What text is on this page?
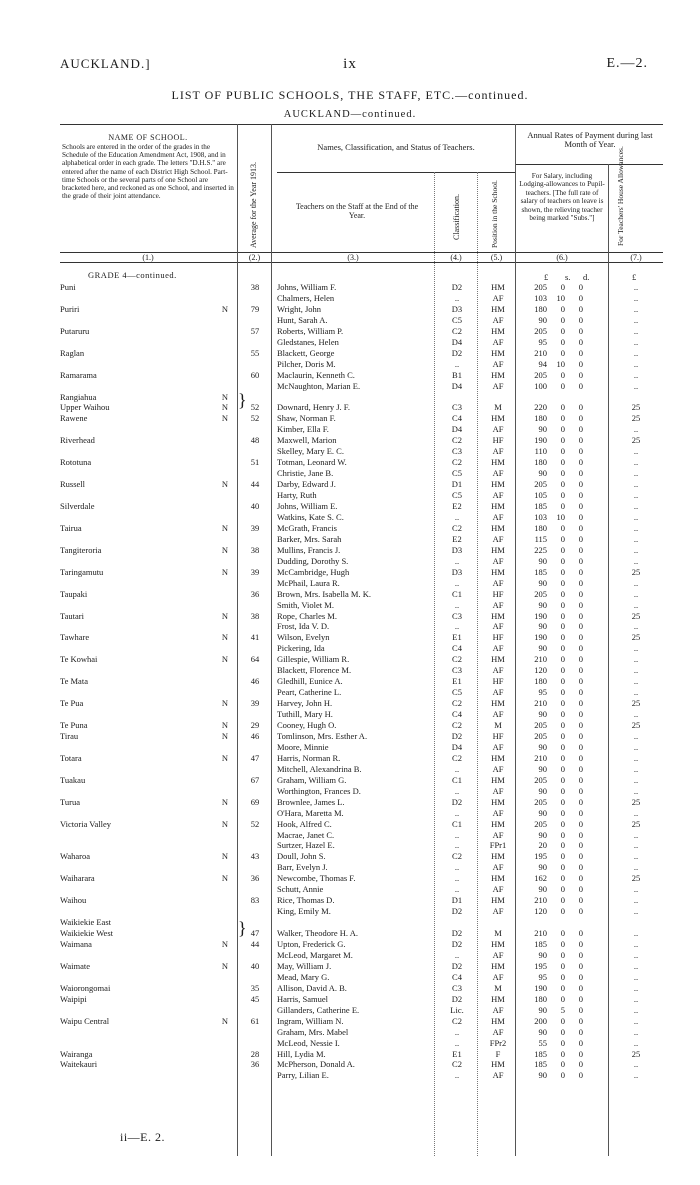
AUCKLAND.]	ix	E.—2.
LIST OF PUBLIC SCHOOLS, THE STAFF, ETC.—continued.
AUCKLAND—continued.
NAME OF SCHOOL.
Schools are entered in the order of the grades in the Schedule of the Education Amendment Act, 1908, and in alphabetical order in each grade. The letters "D.H.S." are entered after the name of each District High School. Part-time Schools or the several parts of one School are bracketed here, and reckoned as one School, and inserted in the grade of their joint attendance.
(1.)
Average for the Year 1913.
(2.)
Names, Classification, and Status of Teachers.
Teachers on the Staff at the End of the Year.
(3.)
Classification.
(4.)
Position in the School.
(5.)
Annual Rates of Payment during last Month of Year.
For Salary, including Lodging-allowances to Pupil-teachers. [The full rate of salary of teachers on leave is shown, the relieving teacher being marked "Subs."]
(6.)
For Teachers' House Allowances.
(7.)
GRADE 4—continued.	£ s. d.	£
}
}
Puni	38	Johns, William F.	D2	HM	205 0 0	..
Chalmers, Helen	..	AF	103 10 0	..
Puriri	N	79	Wright, John	D3	HM	180 0 0	..
Hunt, Sarah A.	C5	AF	90 0 0	..
Putaruru	57	Roberts, William P.	C2	HM	205 0 0	..
Gledstanes, Helen	D4	AF	95 0 0	..
Raglan	55	Blackett, George	D2	HM	210 0 0	..
Pilcher, Doris M.	..	AF	94 10 0	..
Ramarama	60	Maclaurin, Kenneth C.	B1	HM	205 0 0	..
McNaughton, Marian E.	D4	AF	100 0 0	..
Rangiahua	N
Upper Waihou	N	52	Downard, Henry J. F.	C3	M	220 0 0	25
Rawene	N	52	Shaw, Norman F.	C4	HM	180 0 0	25
Kimber, Ella F.	D4	AF	90 0 0	..
Riverhead	48	Maxwell, Marion	C2	HF	190 0 0	25
Skelley, Mary E. C.	C3	AF	110 0 0	..
Rototuna	51	Totman, Leonard W.	C2	HM	180 0 0	..
Christie, Jane B.	C5	AF	90 0 0	..
Russell	N	44	Darby, Edward J.	D1	HM	205 0 0	..
Harty, Ruth	C5	AF	105 0 0	..
Silverdale	40	Johns, William E.	E2	HM	185 0 0	..
Watkins, Kate S. C.	..	AF	103 10 0	..
Tairua	N	39	McGrath, Francis	C2	HM	180 0 0	..
Barker, Mrs. Sarah	E2	AF	115 0 0	..
Tangiteroria	N	38	Mullins, Francis J.	D3	HM	225 0 0	..
Dudding, Dorothy S.	..	AF	90 0 0	..
Taringamutu	N	39	McCambridge, Hugh	D3	HM	185 0 0	25
McPhail, Laura R.	..	AF	90 0 0	..
Taupaki	36	Brown, Mrs. Isabella M. K.	C1	HF	205 0 0	..
Smith, Violet M.	..	AF	90 0 0	..
Tautari	N	38	Rope, Charles M.	C3	HM	190 0 0	25
Frost, Ida V. D.	..	AF	90 0 0	..
Tawhare	N	41	Wilson, Evelyn	E1	HF	190 0 0	25
Pickering, Ida	C4	AF	90 0 0	..
Te Kowhai	N	64	Gillespie, William R.	C2	HM	210 0 0	..
Blackett, Florence M.	C3	AF	120 0 0	..
Te Mata	46	Gledhill, Eunice A.	E1	HF	180 0 0	..
Peart, Catherine L.	C5	AF	95 0 0	..
Te Pua	N	39	Harvey, John H.	C2	HM	210 0 0	25
Tuthill, Mary H.	C4	AF	90 0 0	..
Te Puna	N	29	Cooney, Hugh O.	C2	M	205 0 0	25
Tirau	N	46	Tomlinson, Mrs. Esther A.	D2	HF	205 0 0	..
Moore, Minnie	D4	AF	90 0 0	..
Totara	N	47	Harris, Norman R.	C2	HM	210 0 0	..
Mitchell, Alexandrina B.	..	AF	90 0 0	..
Tuakau	67	Graham, William G.	C1	HM	205 0 0	..
Worthington, Frances D.	..	AF	90 0 0	..
Turua	N	69	Brownlee, James L.	D2	HM	205 0 0	25
O'Hara, Maretta M.	..	AF	90 0 0	..
Victoria Valley	N	52	Hook, Alfred C.	C1	HM	205 0 0	25
Macrae, Janet C.	..	AF	90 0 0	..
Surtzer, Hazel E.	..	FPr1	20 0 0	..
Waharoa	N	43	Doull, John S.	C2	HM	195 0 0	..
Barr, Evelyn J.	..	AF	90 0 0	..
Waiharara	N	36	Newcombe, Thomas F.	..	HM	162 0 0	25
Schutt, Annie	..	AF	90 0 0	..
Waihou	83	Rice, Thomas D.	D1	HM	210 0 0	..
King, Emily M.	D2	AF	120 0 0	..
Waikiekie East
Waikiekie West	47	Walker, Theodore H. A.	D2	M	210 0 0	..
Waimana	N	44	Upton, Frederick G.	D2	HM	185 0 0	..
McLeod, Margaret M.	..	AF	90 0 0	..
Waimate	N	40	May, William J.	D2	HM	195 0 0	..
Mead, Mary G.	C4	AF	95 0 0	..
Waiorongomai	35	Allison, David A. B.	C3	M	190 0 0	..
Waipipi	45	Harris, Samuel	D2	HM	180 0 0	..
Gillanders, Catherine E.	Lic.	AF	90 5 0	..
Waipu Central	N	61	Ingram, William N.	C2	HM	200 0 0	..
Graham, Mrs. Mabel	..	AF	90 0 0	..
McLeod, Nessie I.	..	FPr2	55 0 0	..
Wairanga	28	Hill, Lydia M.	E1	F	185 0 0	25
Waitekauri	36	McPherson, Donald A.	C2	HM	185 0 0	..
Parry, Lilian E.	..	AF	90 0 0	..
ii—E. 2.
